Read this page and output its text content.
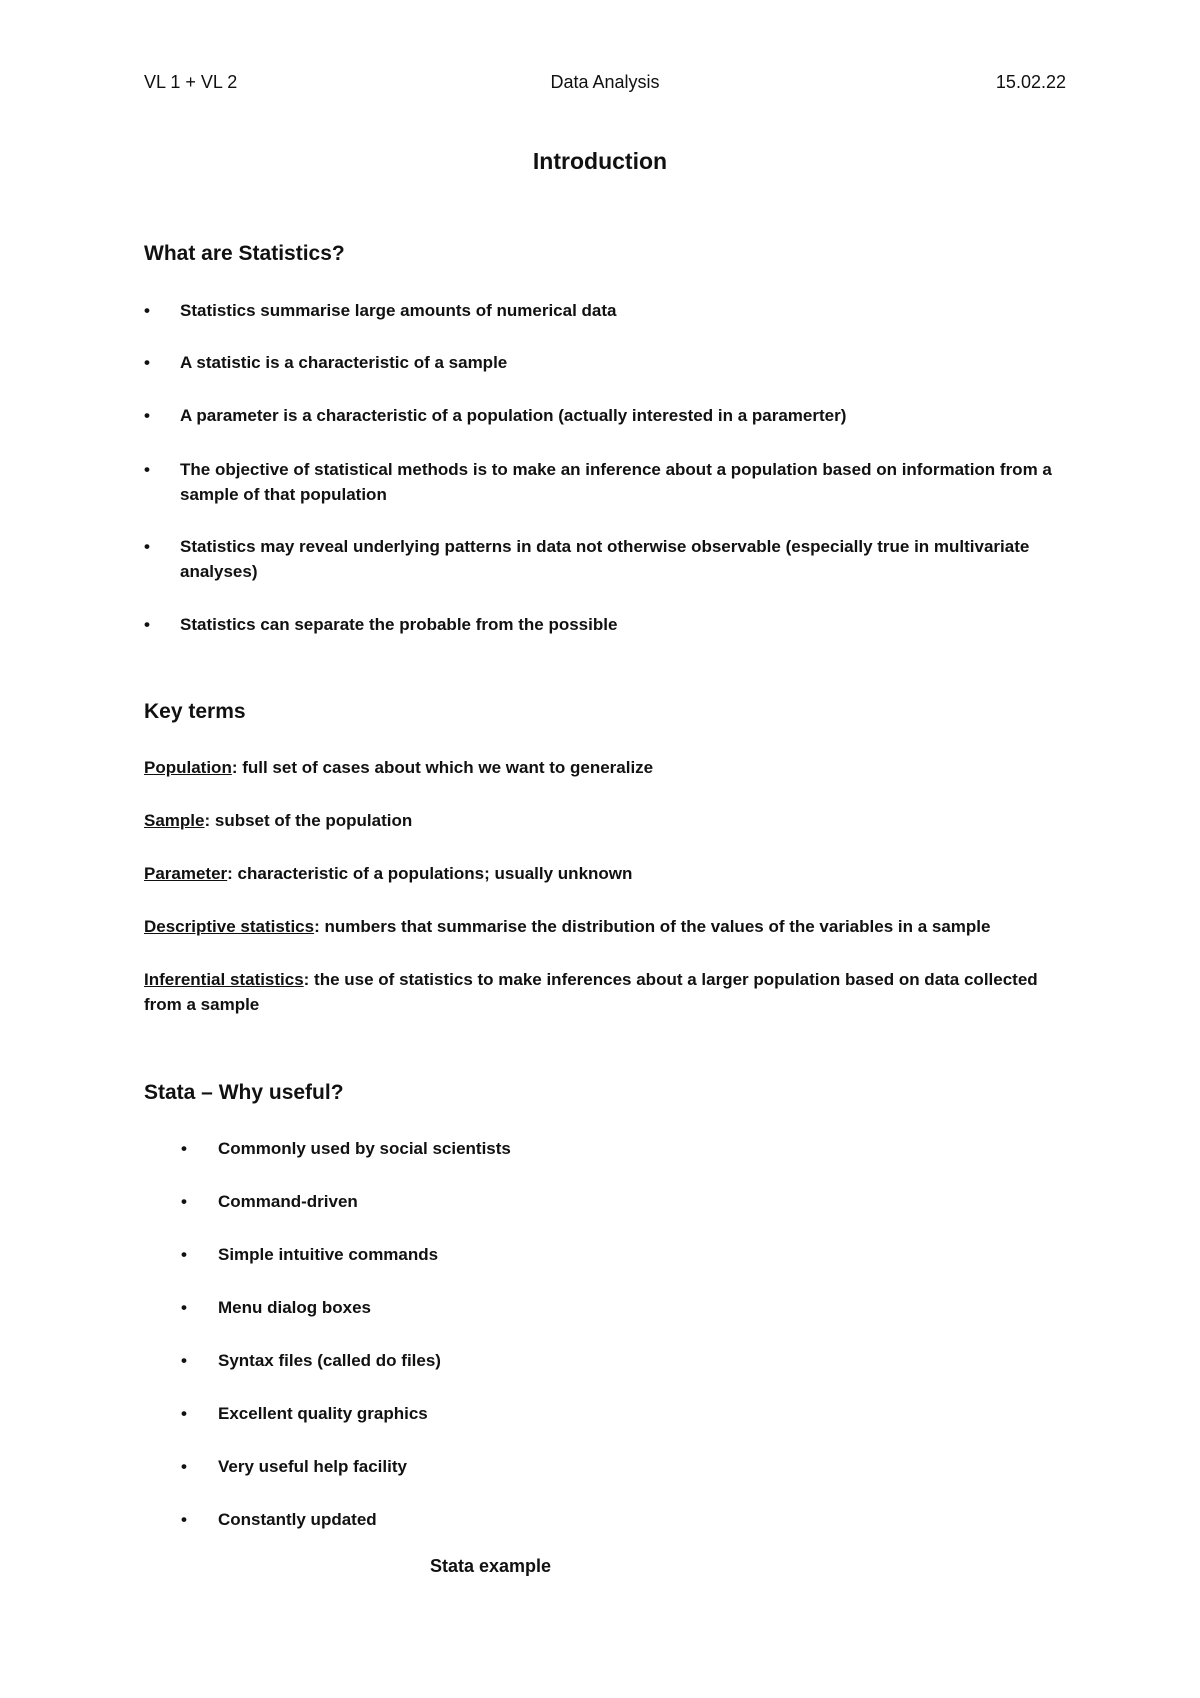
VL 1 + VL 2	Data Analysis	15.02.22
Introduction
What are Statistics?
• Statistics summarise large amounts of numerical data
• A statistic is a characteristic of a sample
• A parameter is a characteristic of a population (actually interested in a paramerter)
• The objective of statistical methods is to make an inference about a population based on information from a sample of that population
• Statistics may reveal underlying patterns in data not otherwise observable (especially true in multivariate analyses)
• Statistics can separate the probable from the possible
Key terms
Population: full set of cases about which we want to generalize
Sample: subset of the population
Parameter: characteristic of a populations; usually unknown
Descriptive statistics: numbers that summarise the distribution of the values of the variables in a sample
Inferential statistics: the use of statistics to make inferences about a larger population based on data collected from a sample
Stata – Why useful?
• Commonly used by social scientists
• Command-driven
• Simple intuitive commands
• Menu dialog boxes
• Syntax files (called do files)
• Excellent quality graphics
• Very useful help facility
• Constantly updated
Stata example
